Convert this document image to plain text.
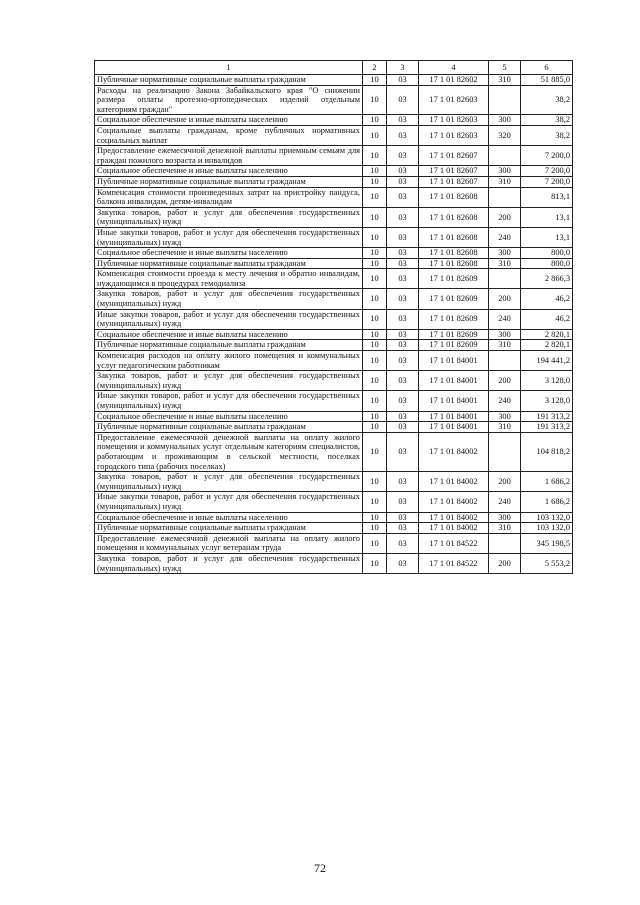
1	2	3	4	5	6
Публичные нормативные социальные выплаты гражданам	10	03	17 1 01 82602	310	51 885,0
Расходы на реализацию Закона Забайкальского края "О снижении размера оплаты протезно-ортопедических изделий отдельным категориям граждан"	10	03	17 1 01 82603		38,2
Социальное обеспечение и иные выплаты населению	10	03	17 1 01 82603	300	38,2
Социальные выплаты гражданам, кроме публичных нормативных социальных выплат	10	03	17 1 01 82603	320	38,2
Предоставление ежемесячной денежной выплаты приемным семьям для граждан пожилого возраста и инвалидов	10	03	17 1 01 82607		7 200,0
Социальное обеспечение и иные выплаты населению	10	03	17 1 01 82607	300	7 200,0
Публичные нормативные социальные выплаты гражданам	10	03	17 1 01 82607	310	7 200,0
Компенсация стоимости произведенных затрат на пристройку пандуса, балкона инвалидам, детям-инвалидам	10	03	17 1 01 82608		813,1
Закупка товаров, работ и услуг для обеспечения государственных (муниципальных) нужд	10	03	17 1 01 82608	200	13,1
Иные закупки товаров, работ и услуг для обеспечения государственных (муниципальных) нужд	10	03	17 1 01 82608	240	13,1
Социальное обеспечение и иные выплаты населению	10	03	17 1 01 82608	300	800,0
Публичные нормативные социальные выплаты гражданам	10	03	17 1 01 82608	310	800,0
Компенсация стоимости проезда к месту лечения и обратно инвалидам, нуждающимся в процедурах гемодиализа	10	03	17 1 01 82609		2 866,3
Закупка товаров, работ и услуг для обеспечения государственных (муниципальных) нужд	10	03	17 1 01 82609	200	46,2
Иные закупки товаров, работ и услуг для обеспечения государственных (муниципальных) нужд	10	03	17 1 01 82609	240	46,2
Социальное обеспечение и иные выплаты населению	10	03	17 1 01 82609	300	2 820,1
Публичные нормативные социальные выплаты гражданам	10	03	17 1 01 82609	310	2 820,1
Компенсация расходов на оплату жилого помещения и коммунальных услуг педагогическим работникам	10	03	17 1 01 84001		194 441,2
Закупка товаров, работ и услуг для обеспечения государственных (муниципальных) нужд	10	03	17 1 01 84001	200	3 128,0
Иные закупки товаров, работ и услуг для обеспечения государственных (муниципальных) нужд	10	03	17 1 01 84001	240	3 128,0
Социальное обеспечение и иные выплаты населению	10	03	17 1 01 84001	300	191 313,2
Публичные нормативные социальные выплаты гражданам	10	03	17 1 01 84001	310	191 313,2
Предоставление ежемесячной денежной выплаты на оплату жилого помещения и коммунальных услуг отдельным категориям специалистов, работающим и проживающим в сельской местности, поселках городского типа (рабочих поселках)	10	03	17 1 01 84002		104 818,2
Закупка товаров, работ и услуг для обеспечения государственных (муниципальных) нужд	10	03	17 1 01 84002	200	1 686,2
Иные закупки товаров, работ и услуг для обеспечения государственных (муниципальных) нужд	10	03	17 1 01 84002	240	1 686,2
Социальное обеспечение и иные выплаты населению	10	03	17 1 01 84002	300	103 132,0
Публичные нормативные социальные выплаты гражданам	10	03	17 1 01 84002	310	103 132,0
Предоставление ежемесячной денежной выплаты на оплату жилого помещения и коммунальных услуг ветеранам труда	10	03	17 1 01 84522		345 198,5
Закупка товаров, работ и услуг для обеспечения государственных (муниципальных) нужд	10	03	17 1 01 84522	200	5 553,2
72
